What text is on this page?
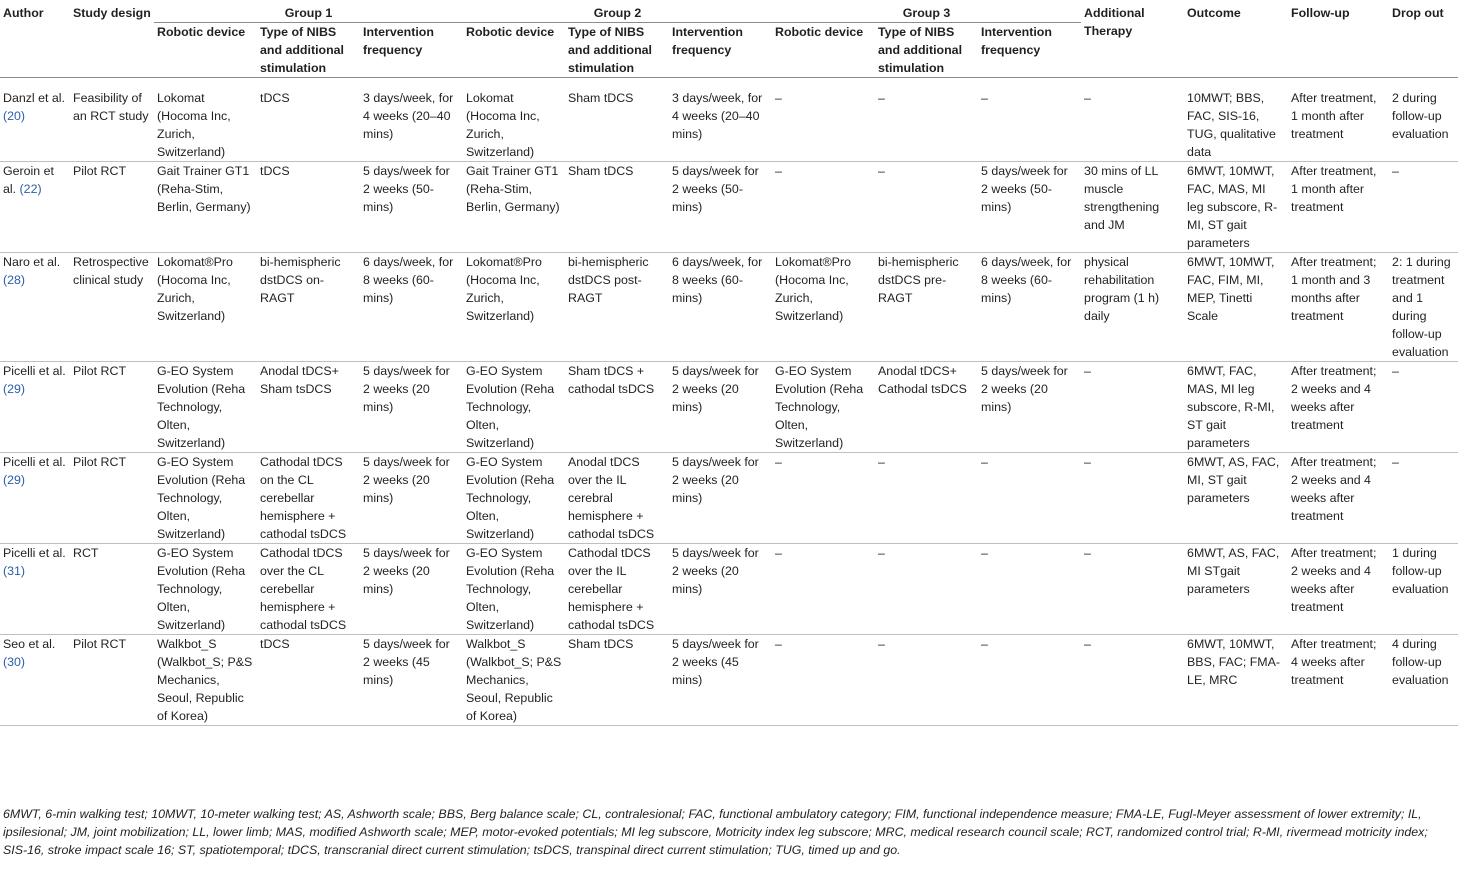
Author	Study design	Group 1			Group 2			Group 3			Additional Therapy	Outcome	Follow-up	Drop out
		Robotic device	Type of NIBS and additional stimulation	Intervention frequency	Robotic device	Type of NIBS and additional stimulation	Intervention frequency	Robotic device	Type of NIBS and additional stimulation	Intervention frequency				
Danzl et al. (20)	Feasibility of an RCT study	Lokomat (Hocoma Inc, Zurich, Switzerland)	tDCS	3 days/week, for 4 weeks (20–40 mins)	Lokomat (Hocoma Inc, Zurich, Switzerland)	Sham tDCS	3 days/week, for 4 weeks (20–40 mins)	–	–	–	–	10MWT; BBS, FAC, SIS-16, TUG, qualitative data	After treatment, 1 month after treatment	2 during follow-up evaluation
Geroin et al. (22)	Pilot RCT	Gait Trainer GT1 (Reha-Stim, Berlin, Germany)	tDCS	5 days/week for 2 weeks (50-mins)	Gait Trainer GT1 (Reha-Stim, Berlin, Germany)	Sham tDCS	5 days/week for 2 weeks (50-mins)	–	–	5 days/week for 2 weeks (50-mins)	30 mins of LL muscle strengthening and JM	6MWT, 10MWT, FAC, MAS, MI leg subscore, R-MI, ST gait parameters	After treatment, 1 month after treatment	–
Naro et al. (28)	Retrospective clinical study	Lokomat®Pro (Hocoma Inc, Zurich, Switzerland)	bi-hemispheric dstDCS on-RAGT	6 days/week, for 8 weeks (60-mins)	Lokomat®Pro (Hocoma Inc, Zurich, Switzerland)	bi-hemispheric dstDCS post-RAGT	6 days/week, for 8 weeks (60-mins)	Lokomat®Pro (Hocoma Inc, Zurich, Switzerland)	bi-hemispheric dstDCS pre-RAGT	6 days/week, for 8 weeks (60-mins)	physical rehabilitation program (1 h) daily	6MWT, 10MWT, FAC, FIM, MI, MEP, Tinetti Scale	After treatment; 1 month and 3 months after treatment	2: 1 during treatment and 1 during follow-up evaluation
Picelli et al. (29)	Pilot RCT	G-EO System Evolution (Reha Technology, Olten, Switzerland)	Anodal tDCS+ Sham tsDCS	5 days/week for 2 weeks (20 mins)	G-EO System Evolution (Reha Technology, Olten, Switzerland)	Sham tDCS + cathodal tsDCS	5 days/week for 2 weeks (20 mins)	G-EO System Evolution (Reha Technology, Olten, Switzerland)	Anodal tDCS+ Cathodal tsDCS	5 days/week for 2 weeks (20 mins)	–	6MWT, FAC, MAS, MI leg subscore, R-MI, ST gait parameters	After treatment; 2 weeks and 4 weeks after treatment	–
Picelli et al. (29)	Pilot RCT	G-EO System Evolution (Reha Technology, Olten, Switzerland)	Cathodal tDCS on the CL cerebellar hemisphere + cathodal tsDCS	5 days/week for 2 weeks (20 mins)	G-EO System Evolution (Reha Technology, Olten, Switzerland)	Anodal tDCS over the IL cerebral hemisphere + cathodal tsDCS	5 days/week for 2 weeks (20 mins)	–	–	–	–	6MWT, AS, FAC, MI, ST gait parameters	After treatment; 2 weeks and 4 weeks after treatment	–
Picelli et al. (31)	RCT	G-EO System Evolution (Reha Technology, Olten, Switzerland)	Cathodal tDCS over the CL cerebellar hemisphere + cathodal tsDCS	5 days/week for 2 weeks (20 mins)	G-EO System Evolution (Reha Technology, Olten, Switzerland)	Cathodal tDCS over the IL cerebellar hemisphere + cathodal tsDCS	5 days/week for 2 weeks (20 mins)	–	–	–	–	6MWT, AS, FAC, MI STgait parameters	After treatment; 2 weeks and 4 weeks after treatment	1 during follow-up evaluation
Seo et al. (30)	Pilot RCT	Walkbot_S (Walkbot_S; P&S Mechanics, Seoul, Republic of Korea)	tDCS	5 days/week for 2 weeks (45 mins)	Walkbot_S (Walkbot_S; P&S Mechanics, Seoul, Republic of Korea)	Sham tDCS	5 days/week for 2 weeks (45 mins)	–	–	–	–	6MWT, 10MWT, BBS, FAC; FMA-LE, MRC	After treatment; 4 weeks after treatment	4 during follow-up evaluation

6MWT, 6-min walking test; 10MWT, 10-meter walking test; AS, Ashworth scale; BBS, Berg balance scale; CL, contralesional; FAC, functional ambulatory category; FIM, functional independence measure; FMA-LE, Fugl-Meyer assessment of lower extremity; IL, ipsilesional; JM, joint mobilization; LL, lower limb; MAS, modified Ashworth scale; MEP, motor-evoked potentials; MI leg subscore, Motricity index leg subscore; MRC, medical research council scale; RCT, randomized control trial; R-MI, rivermead motricity index; SIS-16, stroke impact scale 16; ST, spatiotemporal; tDCS, transcranial direct current stimulation; tsDCS, transpinal direct current stimulation; TUG, timed up and go.
